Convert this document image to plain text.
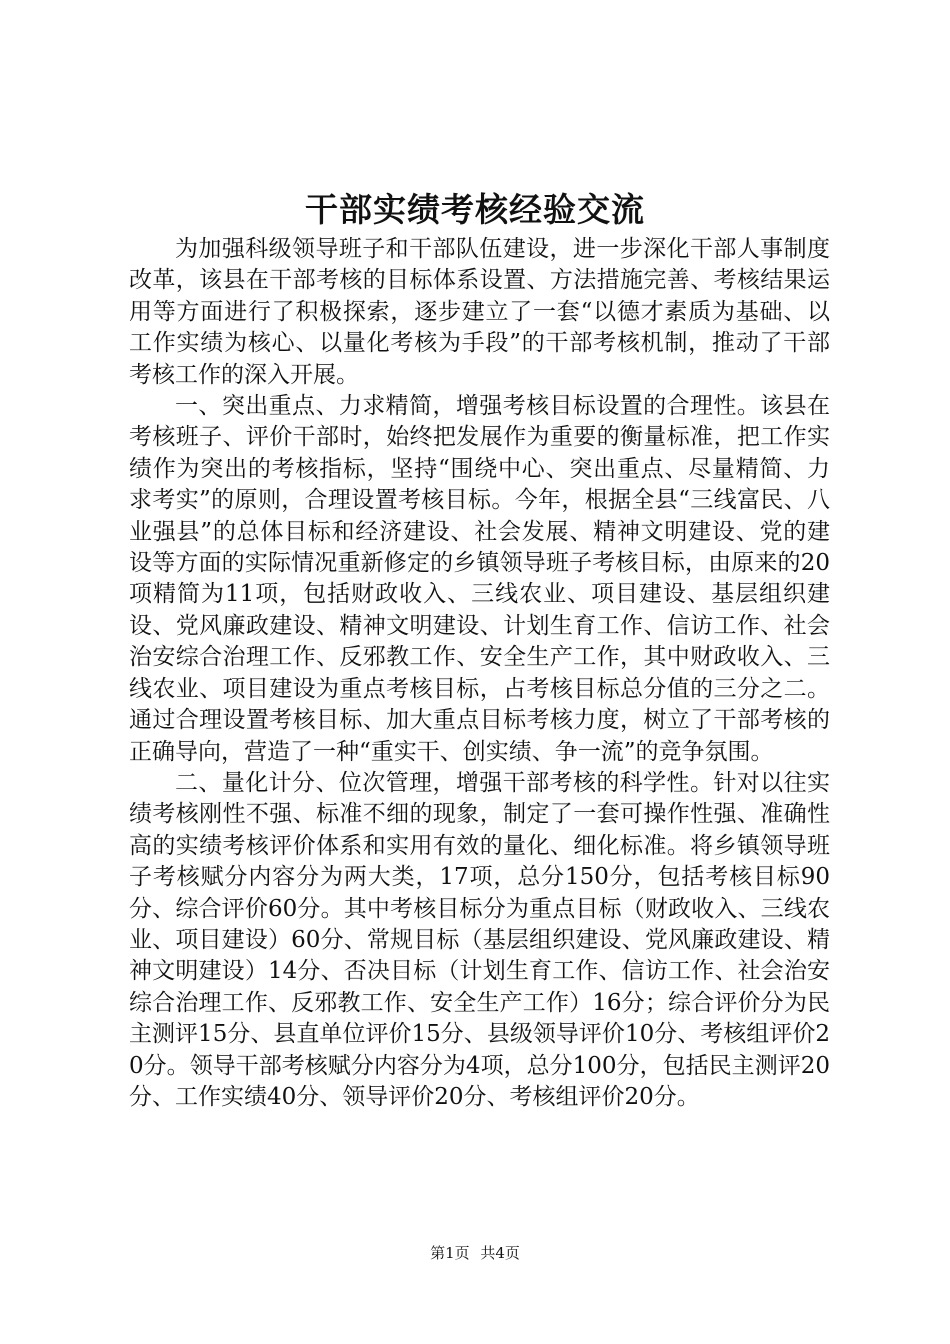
干部实绩考核经验交流

为加强科级领导班子和干部队伍建设，进一步深化干部人事制度改革，该县在干部考核的目标体系设置、方法措施完善、考核结果运用等方面进行了积极探索，逐步建立了一套“以德才素质为基础、以工作实绩为核心、以量化考核为手段”的干部考核机制，推动了干部考核工作的深入开展。

一、突出重点、力求精简，增强考核目标设置的合理性。该县在考核班子、评价干部时，始终把发展作为重要的衡量标准，把工作实绩作为突出的考核指标，坚持“围绕中心、突出重点、尽量精简、力求考实”的原则，合理设置考核目标。今年，根据全县“三线富民、八业强县”的总体目标和经济建设、社会发展、精神文明建设、党的建设等方面的实际情况重新修定的乡镇领导班子考核目标，由原来的20项精简为11项，包括财政收入、三线农业、项目建设、基层组织建设、党风廉政建设、精神文明建设、计划生育工作、信访工作、社会治安综合治理工作、反邪教工作、安全生产工作，其中财政收入、三线农业、项目建设为重点考核目标，占考核目标总分值的三分之二。通过合理设置考核目标、加大重点目标考核力度，树立了干部考核的正确导向，营造了一种“重实干、创实绩、争一流”的竞争氛围。

二、量化计分、位次管理，增强干部考核的科学性。针对以往实绩考核刚性不强、标准不细的现象，制定了一套可操作性强、准确性高的实绩考核评价体系和实用有效的量化、细化标准。将乡镇领导班子考核赋分内容分为两大类，17项，总分150分，包括考核目标90分、综合评价60分。其中考核目标分为重点目标（财政收入、三线农业、项目建设）60分、常规目标（基层组织建设、党风廉政建设、精神文明建设）14分、否决目标（计划生育工作、信访工作、社会治安综合治理工作、反邪教工作、安全生产工作）16分；综合评价分为民主测评15分、县直单位评价15分、县级领导评价10分、考核组评价20分。领导干部考核赋分内容分为4项，总分100分，包括民主测评20分、工作实绩40分、领导评价20分、考核组评价20分。

第1页 共4页
